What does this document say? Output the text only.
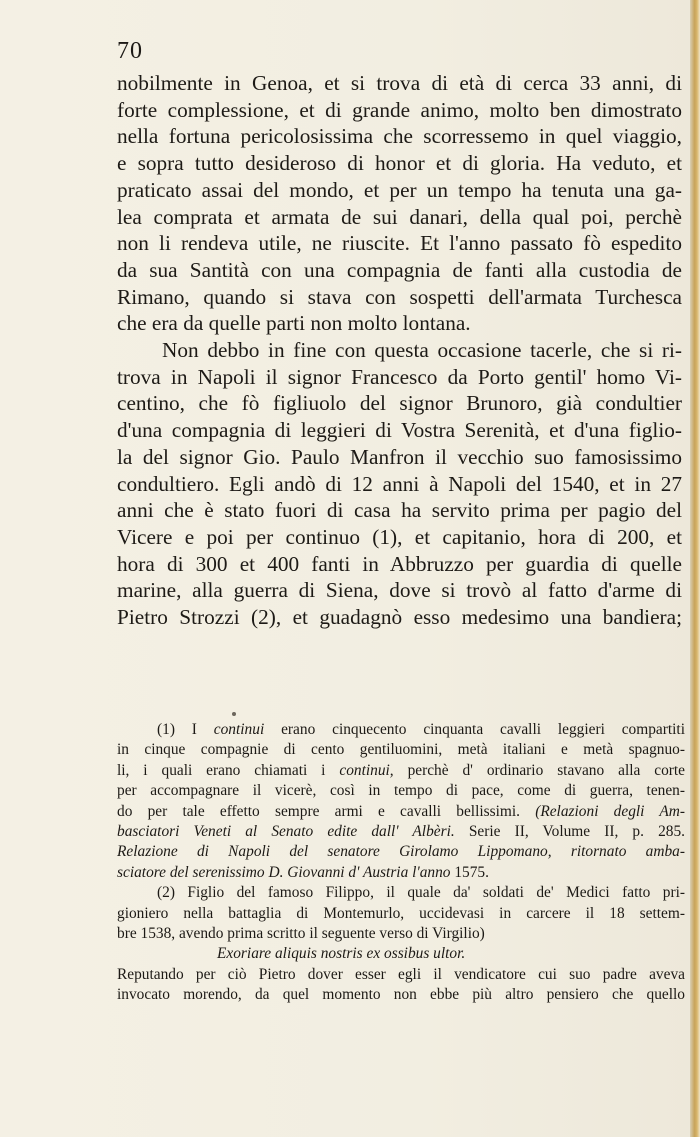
70
nobilmente in Genoa, et si trova di età di cerca 33 anni, di
forte complessione, et di grande animo, molto ben dimostrato
nella fortuna pericolosissima che scorressemo in quel viaggio,
e sopra tutto desideroso di honor et di gloria. Ha veduto, et
praticato assai del mondo, et per un tempo ha tenuta una ga-
lea comprata et armata de sui danari, della qual poi, perchè
non li rendeva utile, ne riuscite. Et l'anno passato fò espedito
da sua Santità con una compagnia de fanti alla custodia de
Rimano, quando si stava con sospetti dell'armata Turchesca
che era da quelle parti non molto lontana.
Non debbo in fine con questa occasione tacerle, che si ri-
trova in Napoli il signor Francesco da Porto gentil' homo Vi-
centino, che fò figliuolo del signor Brunoro, già condultier
d'una compagnia di leggieri di Vostra Serenità, et d'una figlio-
la del signor Gio. Paulo Manfron il vecchio suo famosissimo
condultiero. Egli andò di 12 anni à Napoli del 1540, et in 27
anni che è stato fuori di casa ha servito prima per pagio del
Vicere e poi per continuo (1), et capitanio, hora di 200, et
hora di 300 et 400 fanti in Abbruzzo per guardia di quelle
marine, alla guerra di Siena, dove si trovò al fatto d'arme di
Pietro Strozzi (2), et guadagnò esso medesimo una bandiera;
(1) I continui erano cinquecento cinquanta cavalli leggieri compartiti
in cinque compagnie di cento gentiluomini, metà italiani e metà spagnuo-
li, i quali erano chiamati i continui, perchè d' ordinario stavano alla corte
per accompagnare il vicerè, così in tempo di pace, come di guerra, tenen-
do per tale effetto sempre armi e cavalli bellissimi. (Relazioni degli Am-
basciatori Veneti al Senato edite dall' Albèri. Serie II, Volume II, p. 285.
Relazione di Napoli del senatore Girolamo Lippomano, ritornato amba-
sciatore del serenissimo D. Giovanni d' Austria l'anno 1575.
(2) Figlio del famoso Filippo, il quale da' soldati de' Medici fatto pri-
gioniero nella battaglia di Montemurlo, uccidevasi in carcere il 18 settem-
bre 1538, avendo prima scritto il seguente verso di Virgilio)
Exoriare aliquis nostris ex ossibus ultor.
Reputando per ciò Pietro dover esser egli il vendicatore cui suo padre aveva
invocato morendo, da quel momento non ebbe più altro pensiero che quello
